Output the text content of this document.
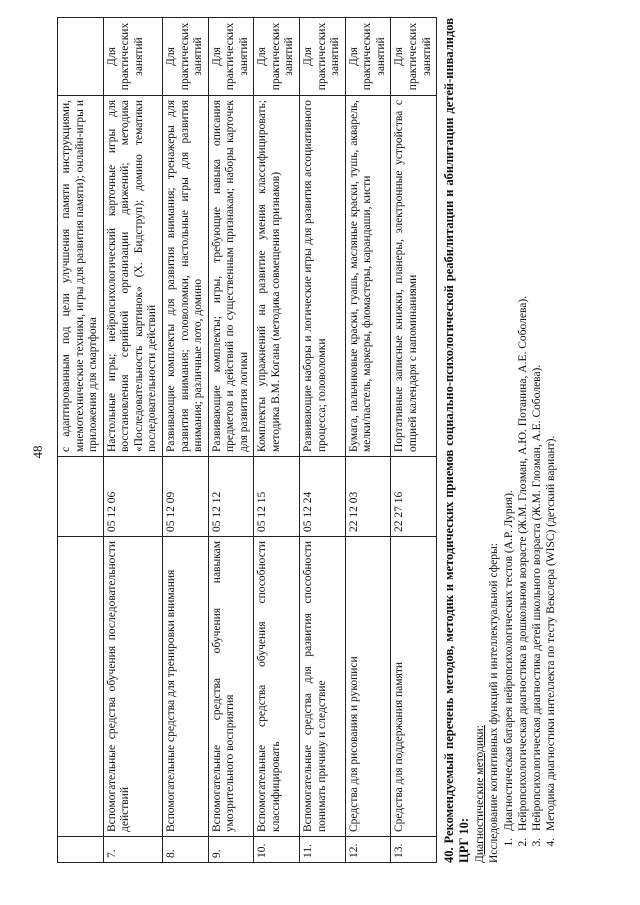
48
			с адаптированным под цели улучшения памяти инструкциями, мнемотехнические техники, игры для развития памяти); онлайн-игры и приложения для смартфона	
7.	Вспомогательные средства обучения последовательности действий	05 12 06	Настольные игры; нейропсихологический карточные игры для восстановления серийной организации движений; методика «Последовательность картинок» (Х. Бидструп); домино тематики последовательности действий	Для практических занятий
8.	Вспомогательные средства для тренировки внимания	05 12 09	Развивающие комплекты для развития внимания; тренажеры для развития внимания; головоломки, настольные игры для развития внимания; различные лото, домино	Для практических занятий
9.	Вспомогательные средства обучения навыкам умозрительного восприятия	05 12 12	Развивающие комплекты; игры, требующие навыка описания предметов и действий по существенным признакам; наборы карточек для развития логики	Для практических занятий
10.	Вспомогательные средства обучения способности классифицировать	05 12 15	Комплекты упражнений на развитие умения классифицировать; методика В.М. Когана (методика совмещения признаков)	Для практических занятий
11.	Вспомогательные средства для развития способности понимать причину и следствие	05 12 24	Развивающие наборы и логические игры для развития ассоциативного процесса; головоломки	Для практических занятий
12.	Средства для рисования и рукописи	22 12 03	Бумага, пальчиковые краски, гуашь, масляные краски, тушь, акварель, мелки/пастель, маркеры, фломастеры, карандаши, кисти	Для практических занятий
13.	Средства для поддержания памяти	22 27 16	Портативные записные книжки, планеры, электронные устройства с опцией календаря с напоминаниями	Для практических занятий 40. Рекомендуемый перечень методов, методик и методических приемов социально-психологической реабилитации и абилитации детей-инвалидов ЦРГ 10: Диагностические методики: Исследование когнитивных функций и интеллектуальной сферы: 1. Диагностическая батарея нейропсихологических тестов (А.Р. Лурия). 2. Нейропсихологическая диагностика в дошкольном возрасте (Ж.М. Глозман, А.Ю. Потанина, А.Е. Соболева). 3. Нейропсихологическая диагностика детей школьного возраста (Ж.М. Глозман, А.Е. Соболева). 4. Методика диагностики интеллекта по тесту Векслера (WISC) (детский вариант).
